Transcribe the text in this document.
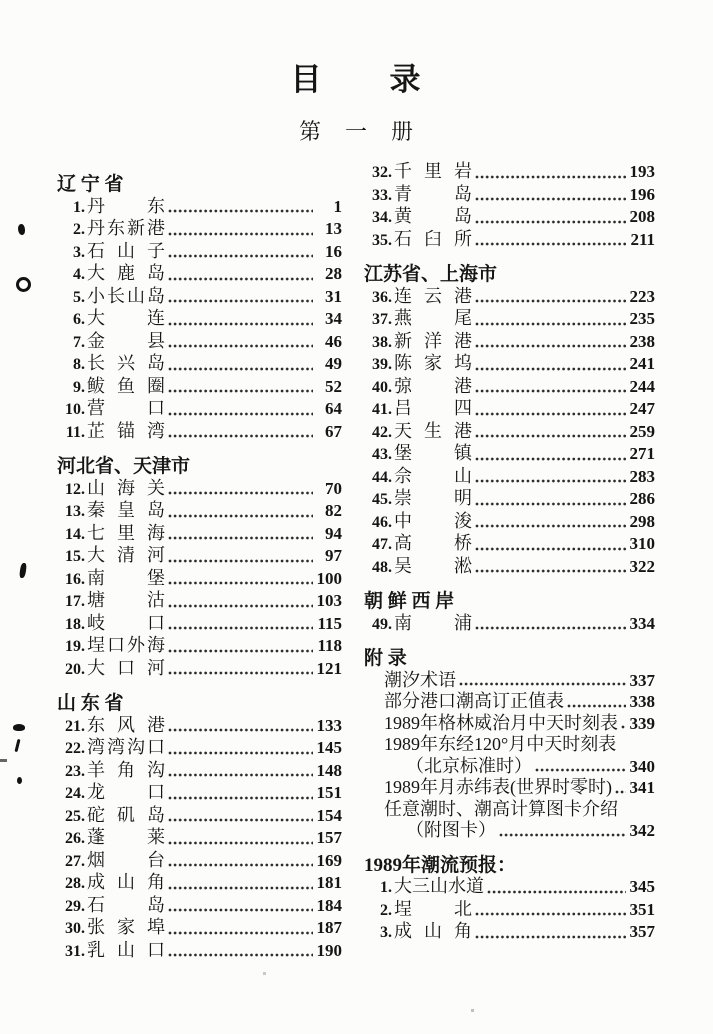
目　　录
第　一　册
辽 宁 省
1. 丹东	1
2. 丹东新港	13
3. 石山子	16
4. 大鹿岛	28
5. 小长山岛	31
6. 大连	34
7. 金县	46
8. 长兴岛	49
9. 鲅鱼圈	52
10. 营口	64
11. 芷锚湾	67
河北省、天津市
12. 山海关	70
13. 秦皇岛	82
14. 七里海	94
15. 大清河	97
16. 南堡	100
17. 塘沽	103
18. 岐口	115
19. 埕口外海	118
20. 大口河	121
山 东 省
21. 东风港	133
22. 湾湾沟口	145
23. 羊角沟	148
24. 龙口	151
25. 砣矶岛	154
26. 蓬莱	157
27. 烟台	169
28. 成山角	181
29. 石岛	184
30. 张家埠	187
31. 乳山口	190
32. 千里岩	193
33. 青岛	196
34. 黄岛	208
35. 石臼所	211
江苏省、上海市
36. 连云港	223
37. 燕尾	235
38. 新洋港	238
39. 陈家坞	241
40. 弶港	244
41. 吕四	247
42. 天生港	259
43. 堡镇	271
44. 佘山	283
45. 崇明	286
46. 中浚	298
47. 高桥	310
48. 吴淞	322
朝 鲜 西 岸
49. 南浦	334
附 录
潮汐术语	337
部分港口潮高订正值表	338
1989年格林威治月中天时刻表 339
1989年东经120°月中天时刻表
（北京标准时）	340
1989年月赤纬表(世界时零时) 341
任意潮时、潮高计算图卡介绍
（附图卡）	342
1989年潮流预报：
1. 大三山水道	345
2. 埕北	351
3. 成山角	357
